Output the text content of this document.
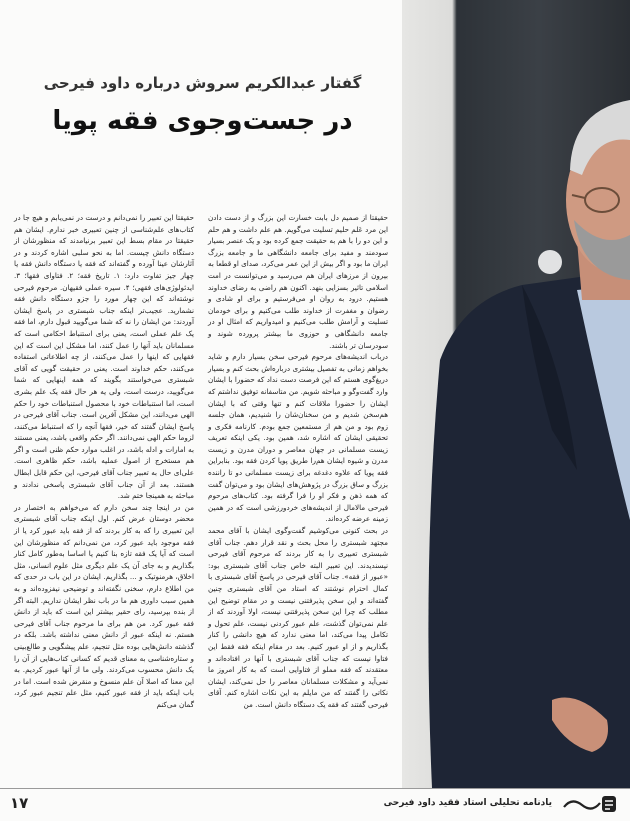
گفتار عبدالکریم سروش درباره داود فیرحی
در جست‌وجوی فقه پویا

حقیقتا از صمیم دل بابت خسارت این بزرگ و از دست دادن این مرد عَلم حلیم تسلیت می‌گویم. هم علم داشت و هم حلم و این دو را با هم به حقیقت جمع کرده بود و یک عنصر بسیار سودمند و مفید برای جامعه دانشگاهی ما و جامعه بزرگ ایران ما بود و اگر بیش از این عمر می‌کرد، صدای او قطعا به بیرون از مرزهای ایران هم می‌رسید و می‌توانست در امت اسلامی تاثیر بسزایی بنهد. اکنون هم راضی به رضای خداوند هستیم. درود به روان او می‌فرستیم و برای او شادی و رضوان و مغفرت از خداوند طلب می‌کنیم و برای خودمان تسلیت و آرامش طلب می‌کنیم و امیدواریم که امثال او در جامعه دانشگاهی و حوزوی ما بیشتر پرورده شوند و سودرسان تر باشند.

درباب اندیشه‌های مرحوم فیرحی سخن بسیار دارم و شاید بخواهم زمانی به تفصیل بیشتری درباره‌اش بحث کنم و بسیار دریغ‌گوی هستم که این فرصت دست نداد که حضورا با ایشان وارد گفت‌وگو و مباحثه شویم. من متاسفانه توفیق نداشتم که ایشان را حضورا ملاقات کنم و تنها وقتی که با ایشان هم‌سخن شدیم و من سخنان‌شان را شنیدیم، همان جلسه زوم بود و من هم از مستمعین جمع بودم. کارنامه فکری و تحقیقی ایشان که اشاره شد، همین بود. یکی اینکه تعریف زیست مسلمانی در جهان معاصر و دوران مدرن و زیست مدرن و شیوه ایشان هم‌را طریق پویا کردن فقه بود. بنابراین فقه پویا که علاوه دغدغه برای زیست مسلمانی دو تا راننده بزرگ و ساق بزرگ در پژوهش‌های ایشان بود و می‌توان گفت که همه ذهن و فکر او را فرا گرفته بود. کتاب‌های مرحوم فیرحی مالامال از اندیشه‌های خردورزشی است که در همین زمینه عرضه کرده‌اند.

در بحث کنونی می‌کوشیم گفت‌وگوی ایشان با آقای محمد مجتهد شبستری را محل بحث و نقد قرار دهم. جناب آقای شبستری تعبیری را به کار بردند که مرحوم آقای فیرحی نپسندیدند. این تعبیر البته خاص جناب آقای شبستری بود: «عبور از فقه». جناب آقای فیرحی در پاسخ آقای شبستری با کمال احترام نوشتند که استاد من آقای شبستری چنین گفته‌اند و این سخن پذیرفتنی نیست و در مقام توضیح این مطلب که چرا این سخن پذیرفتنی نیست، اولا آوردند که از علم نمی‌توان گذشت، علم عبور کردنی نیست، علم تحول و تکامل پیدا می‌کند، اما معنی ندارد که هیچ دانشی را کنار بگذاریم و از او عبور کنیم. بعد در مقام اینکه فقه فقط این فتاوا نیست که جناب آقای شبستری با آنها در افتاده‌اند و معتقدند که فقه مملو از فتاوایی است که به کار امروز ما نمی‌آید و مشکلات مسلمانان معاصر را حل نمی‌کند، ایشان نکاتی را گفتند که من مایلم به این نکات اشاره کنم. آقای فیرحی گفتند که فقه یک دستگاه دانش است. من

حقیقتا این تعبیر را نمی‌دانم و درست در نمی‌یابم و هیچ جا در کتاب‌های علم‌شناسی از چنین تعبیری خبر ندارم. ایشان هم حقیقتا در مقام بسط این تعبیر برنیامدند که منظورشان از دستگاه دانش چیست. اما به نحو سلبی اشاره کردند و در آثارشان عینا آورده و گفته‌اند که فقه یا دستگاه دانش فقه یا چهار جیز تفاوت دارد: ۱. تاریخ فقه؛ ۲. فتاوای فقها؛ ۳. ایدئولوژی‌های فقهی؛ ۴. سیره عملی فقیهان. مرحوم فیرحی نوشته‌اند که این چهار مورد را جزو دستگاه دانش فقه نشمارید. عجیب‌تر اینکه جناب شبستری در پاسخ ایشان آوردند: من ایشان را نه که شما می‌گویید قبول دارم، اما فقه یک علم عملی است، یعنی برای استنباط احکامی است که مسلمانان باید آنها را عمل کنند، اما مشکل این است که این فقهایی که اینها را عمل می‌کنند، از چه اطلاعاتی استفاده می‌کنند، حکم خداوند است. یعنی در حقیقت گویی که آقای شبستری می‌خواستند بگویند که همه اینهایی که شما می‌گویید، درست است، ولی یه هر حال فقه یک علم بشری است، اما استنباطات خود با محصول استنباطات خود را حکم الهی می‌دانند، این مشکل آفرین است. جناب آقای فیرحی در پاسخ ایشان گفتند که خیر، فقها آنچه را که استنباط می‌کنند، لزوما حکم الهی نمی‌دانند. اگر حکم واقعی باشد، یعنی مستند به امارات و ادله باشد، در اغلب موارد حکم ظنی است و اگر هم مستخرج از اصول عملیه باشد، حکم ظاهری است. علی‌ای حال به تعبیر جناب آقای فیرحی، این حکم قابل ابطال هستند. بعد از آن جناب آقای شبستری پاسخی ندادند و مباحثه به همینجا ختم شد.

من در اینجا چند سخن دارم که می‌خواهم به اختصار در محضر دوستان عرض کنم. اول اینکه جناب آقای شبستری این تعبیری را که به کار بردند که از فقه باید عبور کرد یا از فقه موجود باید عبور کرد، من نمی‌دانم که منظورشان این است که آیا یک فقه تازه بنا کنیم یا اساسا به‌طور کامل کنار بگذاریم و به جای آن یک علم دیگری مثل علوم انسانی، مثل اخلاق، هرمنوتیک و ... بگذاریم. ایشان در این باب در حدی که من اطلاع دارم، سخنی نگفته‌اند و توضیحی نیفزوده‌اند و به همین سبب داوری هم ما در باب نظر ایشان نداریم. البته اگر از بنده بپرسید، رای حقیر بیشتر این است که باید از دانش فقه عبور کرد. من هم برای ما مرحوم جناب آقای فیرحی هستم. نه اینکه عبور از دانش معنی نداشته باشد. بلکه در گذشته دانش‌هایی بوده مثل تنجیم، علم پیشگویی و طالع‌بینی و ستاره‌شناسی به معنای قدیم که کسانی کتاب‌هایی از آن را یک دانش محسوب می‌کردند. ولی ما از آنها عبور کردیم. به این معنا که اصلا آن علم منسوخ و منقرض شده است. اما در باب اینکه باید از فقه عبور کنیم، مثل علم تنجیم عبور کرد، گمان می‌کنم

۱۷	یادنامه تحلیلی استاد فقید داود فیرحی
